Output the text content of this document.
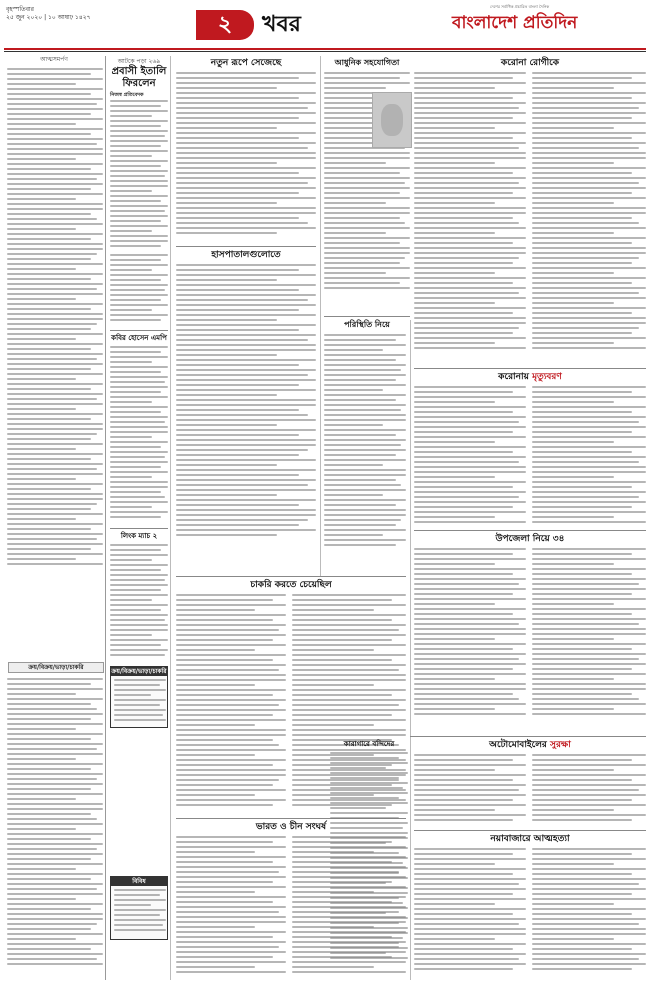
বৃহস্পতিবার
২৫ জুন ২০২০ | ১০ আষাঢ় ১৪২৭	২	খবর
দেশের সর্বাধিক প্রচারিত বাংলা দৈনিক
বাংলাদেশ প্রতিদিন
আত্মসমর্পণ
ক্রয়/বিক্রয়/ভাড়া/চাকরি
আটকে পড়া ২৬৯
প্রবাসী ইতালি
ফিরলেন
নিজস্ব প্রতিবেদক
কবির হোসেন এমপি
লিংক ম্যাচ ২
ক্রয়/বিক্রয়/ভাড়া/চাকরি
বিবিধ
নতুন রূপে সেজেছে	আধুনিক সহযোগিতা
হাসপাতালগুলোতে
চাকরি করতে চেয়েছিল
ভারত ও চীন সংঘর্ষ
পরিস্থিতি নিয়ে
কারাগারে বন্দিদের
করোনা রোগীকে
করোনায় মৃত্যুবরণ
উপজেলা নিয়ে ৩৪
অটোমোবাইলের সুরক্ষা
নয়াবাজারে আত্মহত্যা
